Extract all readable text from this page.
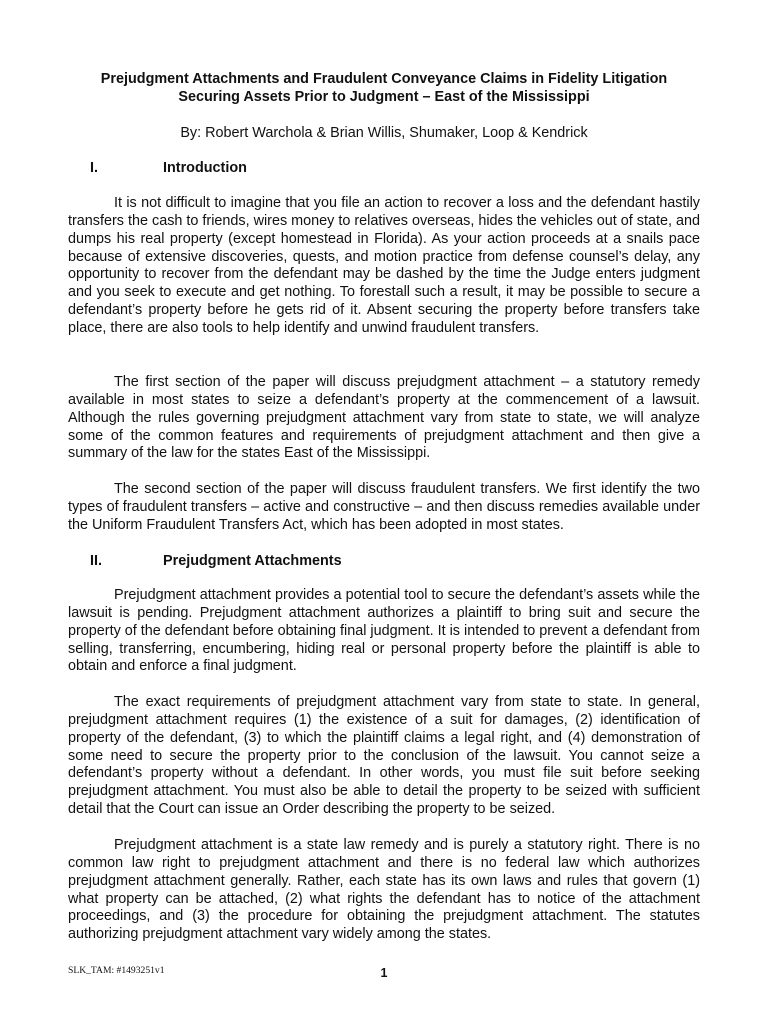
Prejudgment Attachments and Fraudulent Conveyance Claims in Fidelity Litigation
Securing Assets Prior to Judgment – East of the Mississippi
By: Robert Warchola & Brian Willis, Shumaker, Loop & Kendrick
I.	Introduction

It is not difficult to imagine that you file an action to recover a loss and the defendant hastily transfers the cash to friends, wires money to relatives overseas, hides the vehicles out of state, and dumps his real property (except homestead in Florida). As your action proceeds at a snails pace because of extensive discoveries, quests, and motion practice from defense counsel’s delay, any opportunity to recover from the defendant may be dashed by the time the Judge enters judgment and you seek to execute and get nothing. To forestall such a result, it may be possible to secure a defendant’s property before he gets rid of it. Absent securing the property before transfers take place, there are also tools to help identify and unwind fraudulent transfers.

The first section of the paper will discuss prejudgment attachment – a statutory remedy available in most states to seize a defendant’s property at the commencement of a lawsuit. Although the rules governing prejudgment attachment vary from state to state, we will analyze some of the common features and requirements of prejudgment attachment and then give a summary of the law for the states East of the Mississippi.

The second section of the paper will discuss fraudulent transfers. We first identify the two types of fraudulent transfers – active and constructive – and then discuss remedies available under the Uniform Fraudulent Transfers Act, which has been adopted in most states.

II.	Prejudgment Attachments

Prejudgment attachment provides a potential tool to secure the defendant’s assets while the lawsuit is pending. Prejudgment attachment authorizes a plaintiff to bring suit and secure the property of the defendant before obtaining final judgment. It is intended to prevent a defendant from selling, transferring, encumbering, hiding real or personal property before the plaintiff is able to obtain and enforce a final judgment.

The exact requirements of prejudgment attachment vary from state to state. In general, prejudgment attachment requires (1) the existence of a suit for damages, (2) identification of property of the defendant, (3) to which the plaintiff claims a legal right, and (4) demonstration of some need to secure the property prior to the conclusion of the lawsuit. You cannot seize a defendant’s property without a defendant. In other words, you must file suit before seeking prejudgment attachment. You must also be able to detail the property to be seized with sufficient detail that the Court can issue an Order describing the property to be seized.

Prejudgment attachment is a state law remedy and is purely a statutory right. There is no common law right to prejudgment attachment and there is no federal law which authorizes prejudgment attachment generally. Rather, each state has its own laws and rules that govern (1) what property can be attached, (2) what rights the defendant has to notice of the attachment proceedings, and (3) the procedure for obtaining the prejudgment attachment. The statutes authorizing prejudgment attachment vary widely among the states.

SLK_TAM: #1493251v1	1
